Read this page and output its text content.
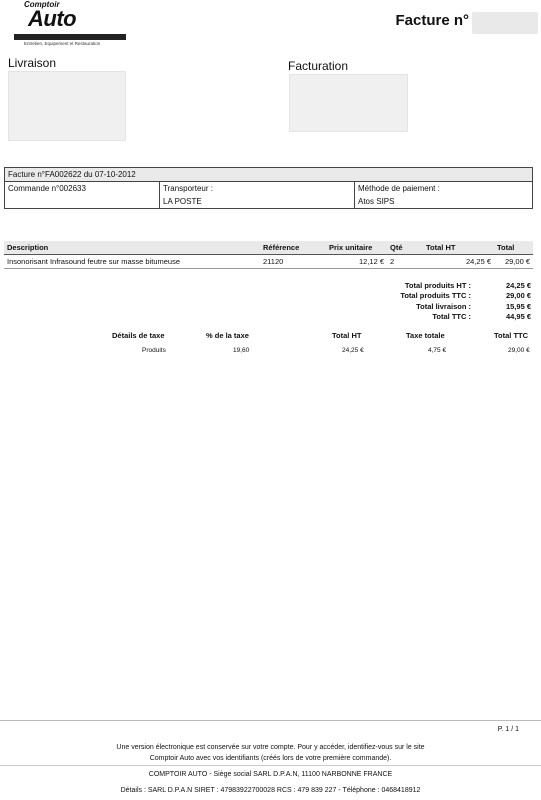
Comptoir
Auto
Entretien, Equipement et Restauration
Facture n°
Livraison	Facturation
Facture n°FA002622 du 07-10-2012
Commande n°002633	Transporteur :
LA POSTE

Méthode de paiement :
Atos SIPS
Description	Référence	Prix unitaire	Qté	Total HT	Total
Insonorisant Infrasound feutre sur masse bitumeuse	21120	12,12 €	2	24,25 €	29,00 €
Total produits HT :	24,25 €
Total produits TTC :	29,00 €
Total livraison :	15,95 €
Total TTC :	44,95 €
Détails de taxe	% de la taxe	Total HT	Taxe totale	Total TTC
Produits	19,60	24,25 €	4,75 €	29,00 €
P. 1 / 1
Une version électronique est conservée sur votre compte. Pour y accéder, identifiez-vous sur le site
Comptoir Auto avec vos identifiants (créés lors de votre première commande).
COMPTOIR AUTO - Siège social SARL D.P.A.N, 11100 NARBONNE FRANCE
Détails : SARL D.P.A.N SIRET : 47983922700028 RCS : 479 839 227 - Téléphone : 0468418912
